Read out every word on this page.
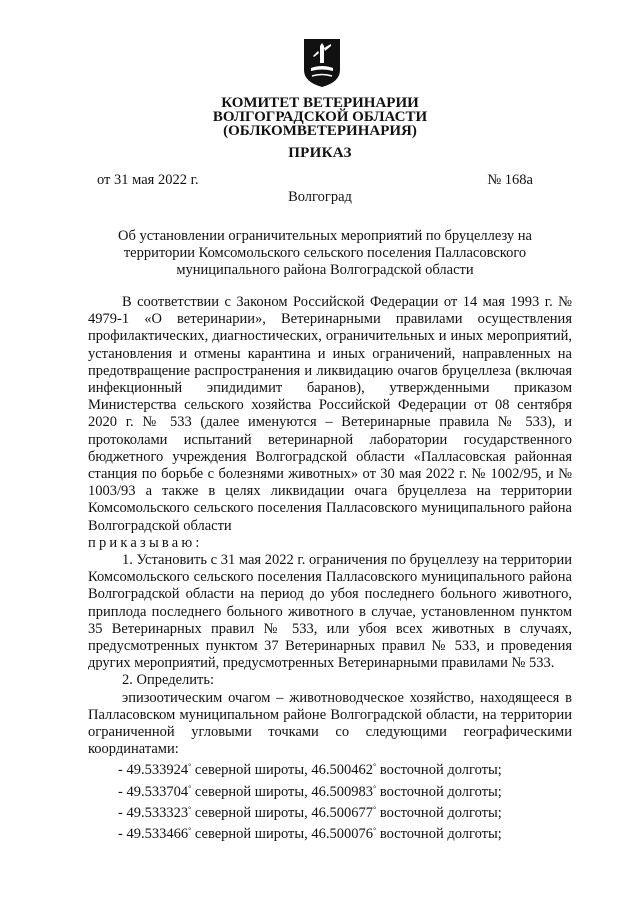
КОМИТЕТ ВЕТЕРИНАРИИ
ВОЛГОГРАДСКОЙ ОБЛАСТИ
(ОБЛКОМВЕТЕРИНАРИЯ)
ПРИКАЗ
от 31 мая 2022 г.	№ 168а
Волгоград
Об установлении ограничительных мероприятий по бруцеллезу на
территории Комсомольского сельского поселения Палласовского
муниципального района Волгоградской области

В соответствии с Законом Российской Федерации от 14 мая 1993 г. № 4979-1 «О ветеринарии», Ветеринарными правилами осуществления профилактических, диагностических, ограничительных и иных мероприятий, установления и отмены карантина и иных ограничений, направленных на предотвращение распространения и ликвидацию очагов бруцеллеза (включая инфекционный эпидидимит баранов), утвержденными приказом Министерства сельского хозяйства Российской Федерации от 08 сентября 2020 г. № 533 (далее именуются – Ветеринарные правила № 533), и протоколами испытаний ветеринарной лаборатории государственного бюджетного учреждения Волгоградской области «Палласовская районная станция по борьбе с болезнями животных» от 30 мая 2022 г. № 1002/95, и № 1003/93 а также в целях ликвидации очага бруцеллеза на территории Комсомольского сельского поселения Палласовского муниципального района Волгоградской области

приказываю:

1. Установить с 31 мая 2022 г. ограничения по бруцеллезу на территории Комсомольского сельского поселения Палласовского муниципального района Волгоградской области на период до убоя последнего больного животного, приплода последнего больного животного в случае, установленном пунктом 35 Ветеринарных правил № 533, или убоя всех животных в случаях, предусмотренных пунктом 37 Ветеринарных правил № 533, и проведения других мероприятий, предусмотренных Ветеринарными правилами № 533.

2. Определить:

эпизоотическим очагом – животноводческое хозяйство, находящееся в Палласовском муниципальном районе Волгоградской области, на территории ограниченной угловыми точками со следующими географическими координатами:

- 49.533924° северной широты, 46.500462° восточной долготы;

- 49.533704° северной широты, 46.500983° восточной долготы;

- 49.533323° северной широты, 46.500677° восточной долготы;

- 49.533466° северной широты, 46.500076° восточной долготы;
